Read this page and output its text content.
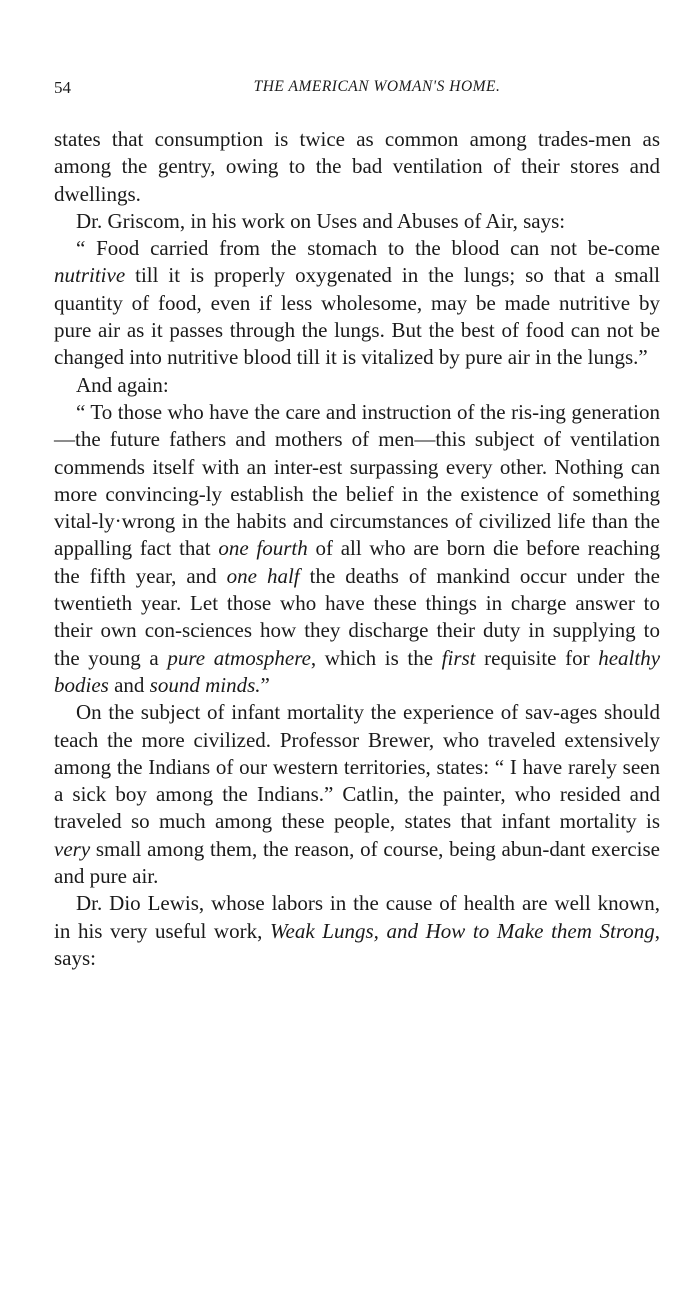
54	THE AMERICAN WOMAN'S HOME.

states that consumption is twice as common among trades-men as among the gentry, owing to the bad ventilation of their stores and dwellings.

Dr. Griscom, in his work on Uses and Abuses of Air, says:

“ Food carried from the stomach to the blood can not be-come nutritive till it is properly oxygenated in the lungs; so that a small quantity of food, even if less wholesome, may be made nutritive by pure air as it passes through the lungs. But the best of food can not be changed into nutritive blood till it is vitalized by pure air in the lungs.”

And again:

“ To those who have the care and instruction of the ris-ing generation—the future fathers and mothers of men—this subject of ventilation commends itself with an inter-est surpassing every other. Nothing can more convincing-ly establish the belief in the existence of something vital-ly·wrong in the habits and circumstances of civilized life than the appalling fact that one fourth of all who are born die before reaching the fifth year, and one half the deaths of mankind occur under the twentieth year. Let those who have these things in charge answer to their own con-sciences how they discharge their duty in supplying to the young a pure atmosphere, which is the first requisite for healthy bodies and sound minds.”

On the subject of infant mortality the experience of sav-ages should teach the more civilized. Professor Brewer, who traveled extensively among the Indians of our western territories, states: “ I have rarely seen a sick boy among the Indians.” Catlin, the painter, who resided and traveled so much among these people, states that infant mortality is very small among them, the reason, of course, being abun-dant exercise and pure air.

Dr. Dio Lewis, whose labors in the cause of health are well known, in his very useful work, Weak Lungs, and How to Make them Strong, says:
